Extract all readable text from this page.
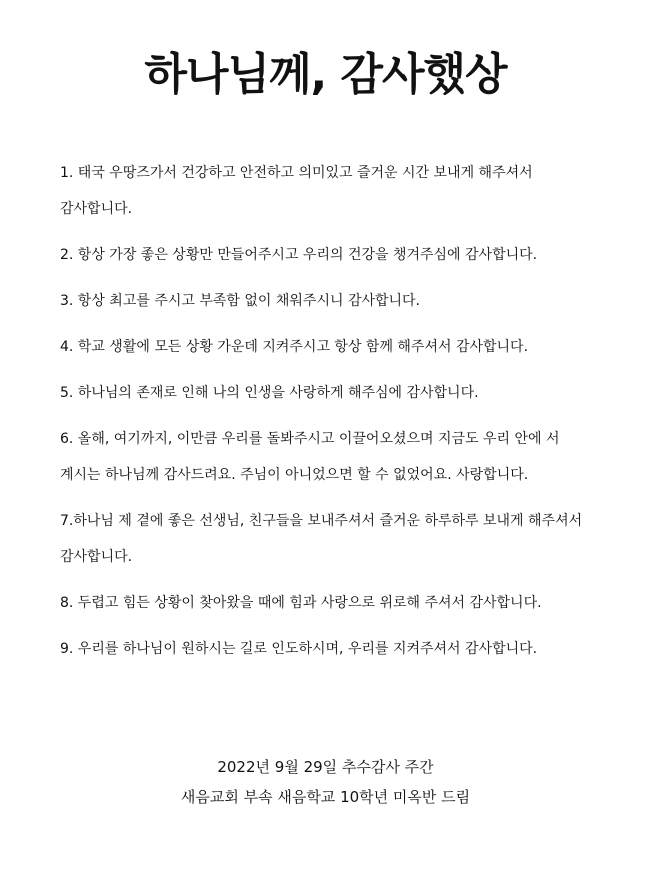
하나님께, 감사했상
1. 태국 우땅즈가서 건강하고 안전하고 의미있고 즐거운 시간 보내게 해주셔서
감사합니다.
2. 항상 가장 좋은 상황만 만들어주시고 우리의 건강을 챙겨주심에 감사합니다.
3. 항상 최고를 주시고 부족함 없이 채워주시니 감사합니다.
4. 학교 생활에 모든 상황 가운데 지켜주시고 항상 함께 해주셔서 감사합니다.
5. 하나님의 존재로 인해 나의 인생을 사랑하게 해주심에 감사합니다.
6. 올해, 여기까지, 이만큼 우리를 돌봐주시고 이끌어오셨으며 지금도 우리 안에 서
계시는 하나님께 감사드려요. 주님이 아니었으면 할 수 없었어요. 사랑합니다.
7.하나님 제 곁에 좋은 선생님, 친구들을 보내주셔서 즐거운 하루하루 보내게 해주셔서
감사합니다.
8. 두렵고 힘든 상황이 찾아왔을 때에 힘과 사랑으로 위로해 주셔서 감사합니다.
9. 우리를 하나님이 원하시는 길로 인도하시며, 우리를 지켜주셔서 감사합니다.
2022년 9월 29일 추수감사 주간
새음교회 부속 새음학교 10학년 미옥반 드림
